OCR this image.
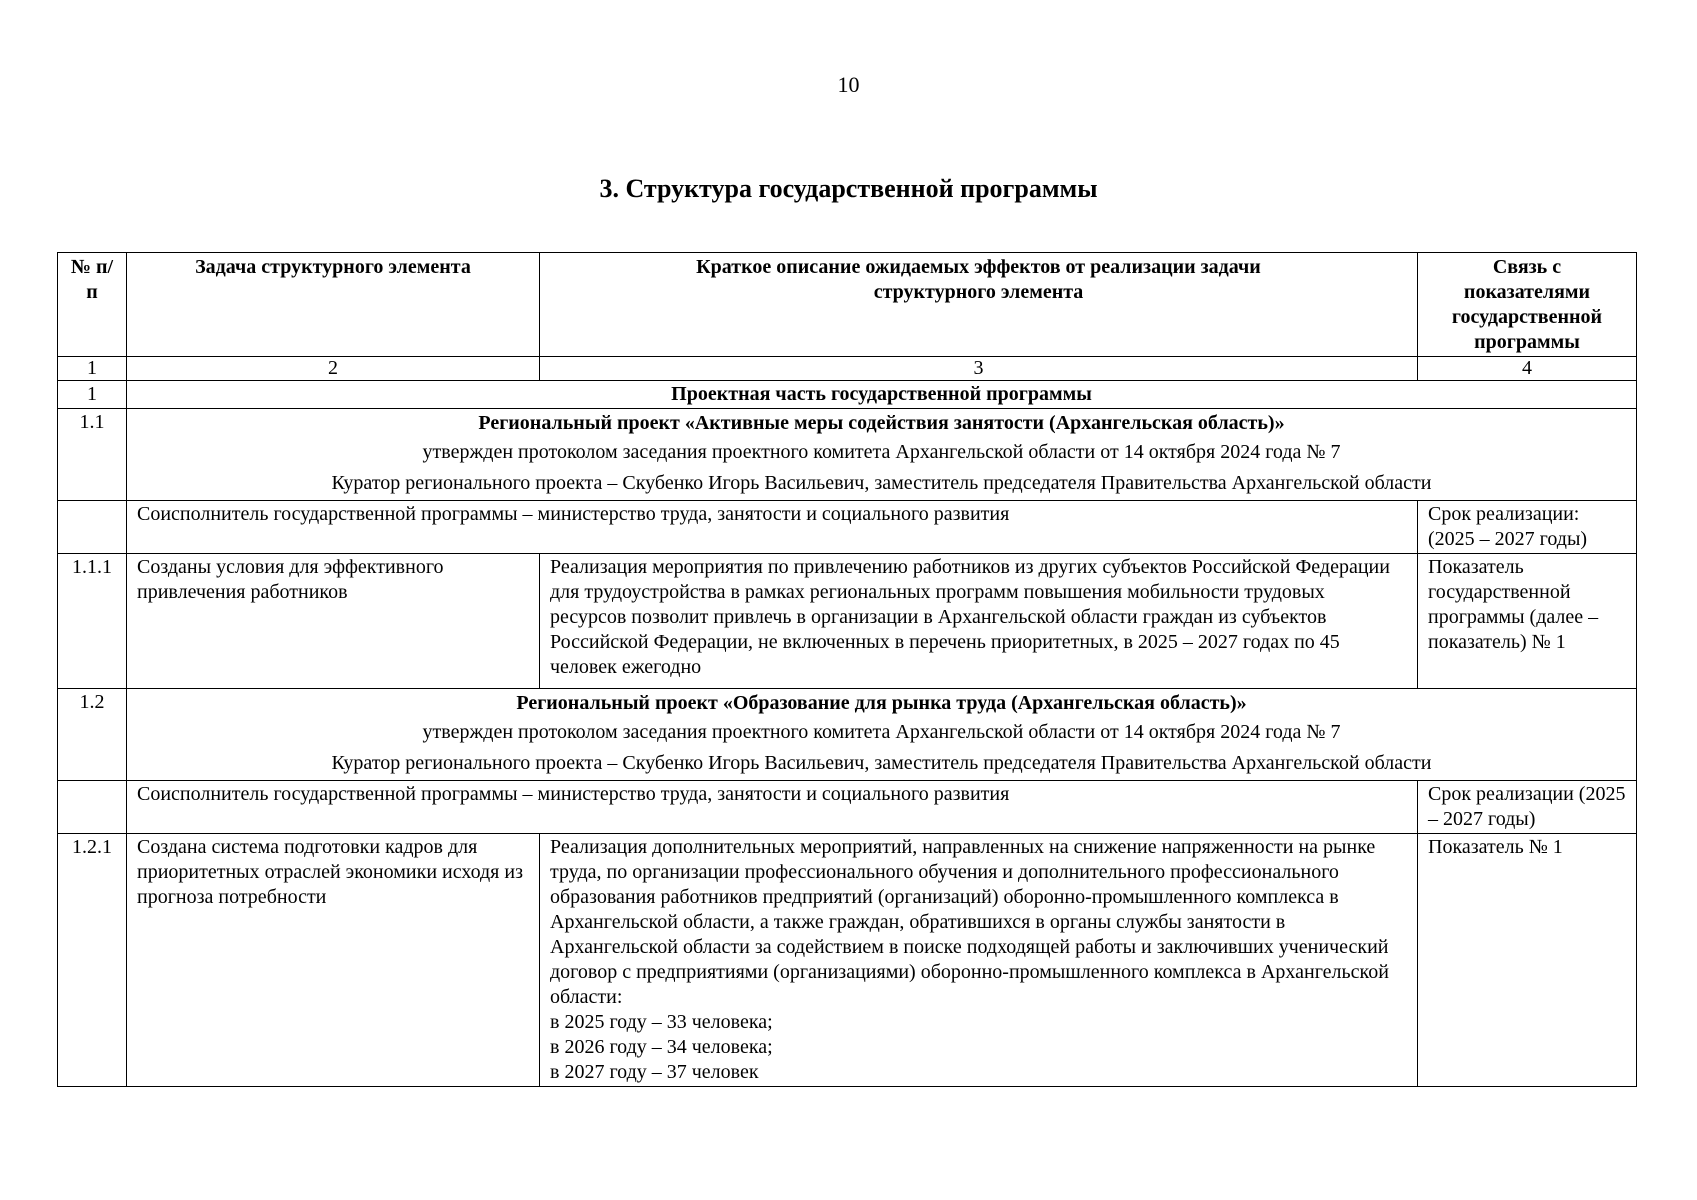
10
3. Структура государственной программы
№ п/п	Задача структурного элемента	Краткое описание ожидаемых эффектов от реализации задачи структурного элемента	Связь с показателями государственной программы
1	2	3	4
1	Проектная часть государственной программы		
1.1	Региональный проект «Активные меры содействия занятости (Архангельская область)»
утвержден протоколом заседания проектного комитета Архангельской области от 14 октября 2024 года № 7
Куратор регионального проекта – Скубенко Игорь Васильевич, заместитель председателя Правительства Архангельской области		

	Соисполнитель государственной программы – министерство труда, занятости и социального развития		Срок реализации: (2025 – 2027 годы)
1.1.1	Созданы условия для эффективного привлечения работников	Реализация мероприятия по привлечению работников из других субъектов Российской Федерации для трудоустройства в рамках региональных программ повышения мобильности трудовых ресурсов позволит привлечь в организации в Архангельской области граждан из субъектов Российской Федерации, не включенных в перечень приоритетных, в 2025 – 2027 годах по 45 человек ежегодно	Показатель государственной программы (далее – показатель) № 1
1.2	Региональный проект «Образование для рынка труда (Архангельская область)»
утвержден протоколом заседания проектного комитета Архангельской области от 14 октября 2024 года № 7
Куратор регионального проекта – Скубенко Игорь Васильевич, заместитель председателя Правительства Архангельской области		

	Соисполнитель государственной программы – министерство труда, занятости и социального развития		Срок реализации (2025 – 2027 годы)
1.2.1	Создана система подготовки кадров для приоритетных отраслей экономики исходя из прогноза потребности	Реализация дополнительных мероприятий, направленных на снижение напряженности на рынке труда, по организации профессионального обучения и дополнительного профессионального образования работников предприятий (организаций) оборонно-промышленного комплекса в Архангельской области, а также граждан, обратившихся в органы службы занятости в Архангельской области за содействием в поиске подходящей работы и заключивших ученический договор с предприятиями (организациями) оборонно-промышленного комплекса в Архангельской области:
в 2025 году – 33 человека;
в 2026 году – 34 человека;
в 2027 году – 37 человек	Показатель № 1
